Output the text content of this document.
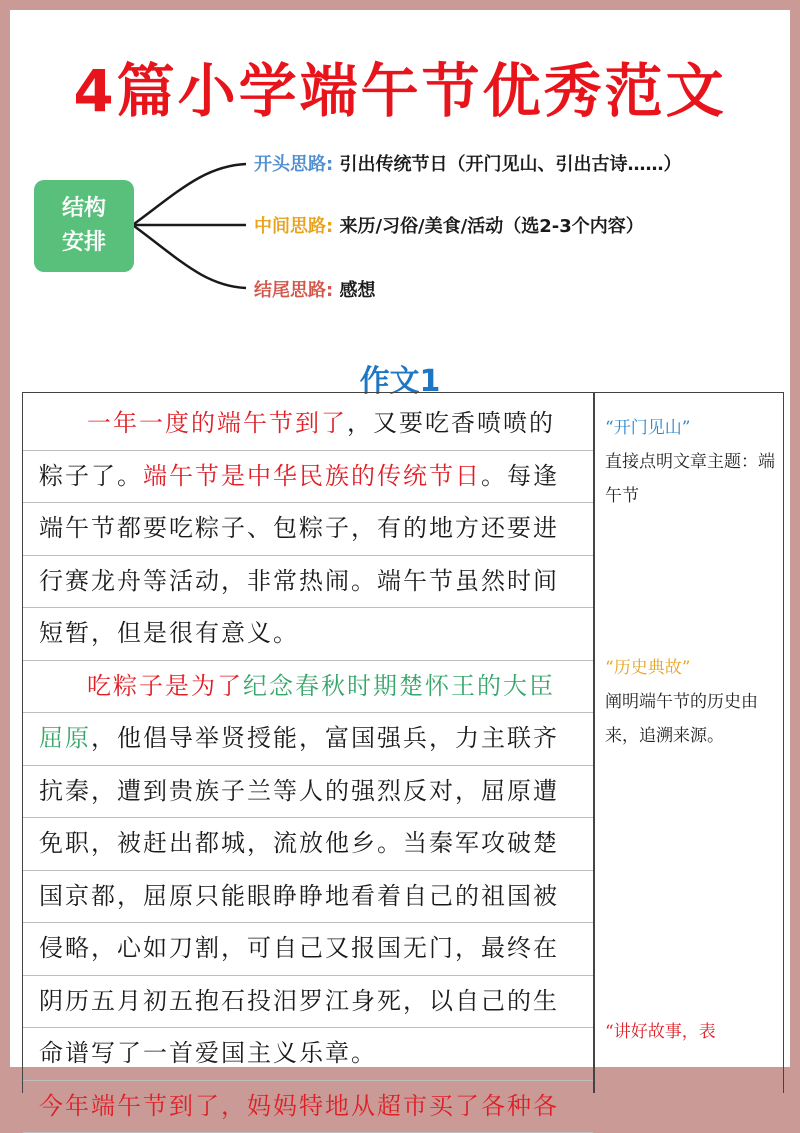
4篇小学端午节优秀范文
结构
安排
开头思路: 引出传统节日（开门见山、引出古诗……）
中间思路: 来历/习俗/美食/活动（选2-3个内容）
结尾思路: 感想
作文1
一年一度的端午节到了，又要吃香喷喷的
粽子了。端午节是中华民族的传统节日。每逢
端午节都要吃粽子、包粽子，有的地方还要进
行赛龙舟等活动，非常热闹。端午节虽然时间
短暂，但是很有意义。
吃粽子是为了纪念春秋时期楚怀王的大臣
屈原，他倡导举贤授能，富国强兵，力主联齐
抗秦，遭到贵族子兰等人的强烈反对，屈原遭
免职，被赶出都城，流放他乡。当秦军攻破楚
国京都，屈原只能眼睁睁地看着自己的祖国被
侵略，心如刀割，可自己又报国无门，最终在
阴历五月初五抱石投汨罗江身死，以自己的生
命谱写了一首爱国主义乐章。
今年端午节到了，妈妈特地从超市买了各种各
“开门见山”
直接点明文章主题：端午节
“历史典故”
阐明端午节的历史由来，追溯来源。
“讲好故事，表
